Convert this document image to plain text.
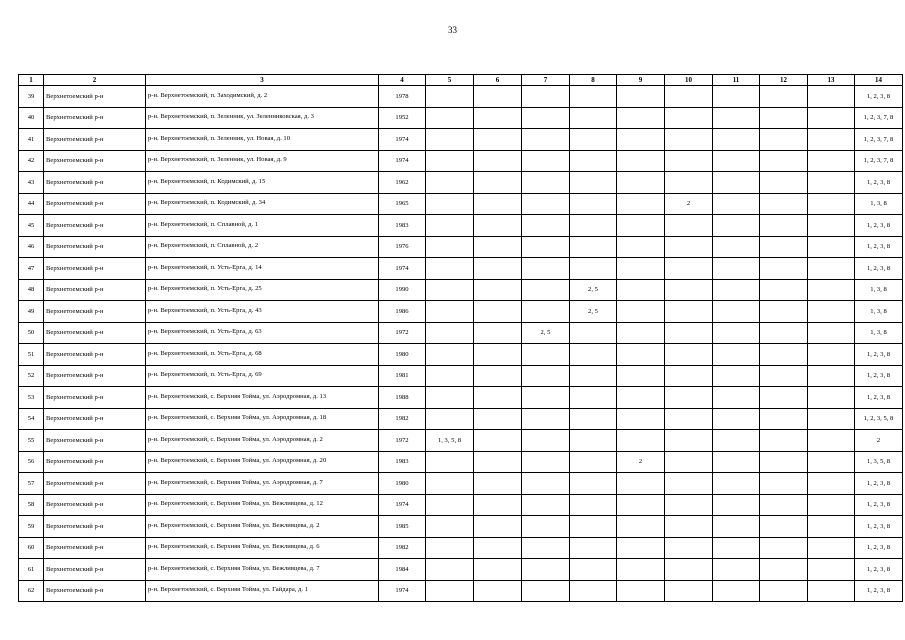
33
1	2	3	4	5	6	7	8	9	10	11	12	13	14
39	Верхнетоемский р-н	р-н. Верхнетоемский, п. Заходимский, д. 2	1978										1, 2, 3, 8
40	Верхнетоемский р-н	р-н. Верхнетоемский, п. Зеленник, ул. Зеленниковская, д. 3	1952										1, 2, 3, 7, 8
41	Верхнетоемский р-н	р-н. Верхнетоемский, п. Зеленник, ул. Новая, д. 10	1974										1, 2, 3, 7, 8
42	Верхнетоемский р-н	р-н. Верхнетоемский, п. Зеленник, ул. Новая, д. 9	1974										1, 2, 3, 7, 8
43	Верхнетоемский р-н	р-н. Верхнетоемский, п. Кодимский, д. 15	1962										1, 2, 3, 8
44	Верхнетоемский р-н	р-н. Верхнетоемский, п. Кодимский, д. 34	1965						2				1, 3, 8
45	Верхнетоемский р-н	р-н. Верхнетоемский, п. Сплавной, д. 1	1983										1, 2, 3, 8
46	Верхнетоемский р-н	р-н. Верхнетоемский, п. Сплавной, д. 2	1976										1, 2, 3, 8
47	Верхнетоемский р-н	р-н. Верхнетоемский, п. Усть-Ерга, д. 14	1974										1, 2, 3, 8
48	Верхнетоемский р-н	р-н. Верхнетоемский, п. Усть-Ерга, д. 25	1990				2, 5						1, 3, 8
49	Верхнетоемский р-н	р-н. Верхнетоемский, п. Усть-Ерга, д. 43	1986				2, 5						1, 3, 8
50	Верхнетоемский р-н	р-н. Верхнетоемский, п. Усть-Ерга, д. 63	1972			2, 5							1, 3, 8
51	Верхнетоемский р-н	р-н. Верхнетоемский, п. Усть-Ерга, д. 68	1980										1, 2, 3, 8
52	Верхнетоемский р-н	р-н. Верхнетоемский, п. Усть-Ерга, д. 69	1981										1, 2, 3, 8
53	Верхнетоемский р-н	р-н. Верхнетоемский, с. Верхняя Тойма, ул. Аэродромная, д. 13	1988										1, 2, 3, 8
54	Верхнетоемский р-н	р-н. Верхнетоемский, с. Верхняя Тойма, ул. Аэродромная, д. 18	1982										1, 2, 3, 5, 8
55	Верхнетоемский р-н	р-н. Верхнетоемский, с. Верхняя Тойма, ул. Аэродромная, д. 2	1972	1, 3, 5, 8									2
56	Верхнетоемский р-н	р-н. Верхнетоемский, с. Верхняя Тойма, ул. Аэродромная, д. 20	1983					2					1, 3, 5, 8
57	Верхнетоемский р-н	р-н. Верхнетоемский, с. Верхняя Тойма, ул. Аэродромная, д. 7	1980										1, 2, 3, 8
58	Верхнетоемский р-н	р-н. Верхнетоемский, с. Верхняя Тойма, ул. Вежливцева, д. 12	1974										1, 2, 3, 8
59	Верхнетоемский р-н	р-н. Верхнетоемский, с. Верхняя Тойма, ул. Вежливцева, д. 2	1985										1, 2, 3, 8
60	Верхнетоемский р-н	р-н. Верхнетоемский, с. Верхняя Тойма, ул. Вежливцева, д. 6	1982										1, 2, 3, 8
61	Верхнетоемский р-н	р-н. Верхнетоемский, с. Верхняя Тойма, ул. Вежливцева, д. 7	1984										1, 2, 3, 8
62	Верхнетоемский р-н	р-н. Верхнетоемский, с. Верхняя Тойма, ул. Гайдара, д. 1	1974										1, 2, 3, 8
